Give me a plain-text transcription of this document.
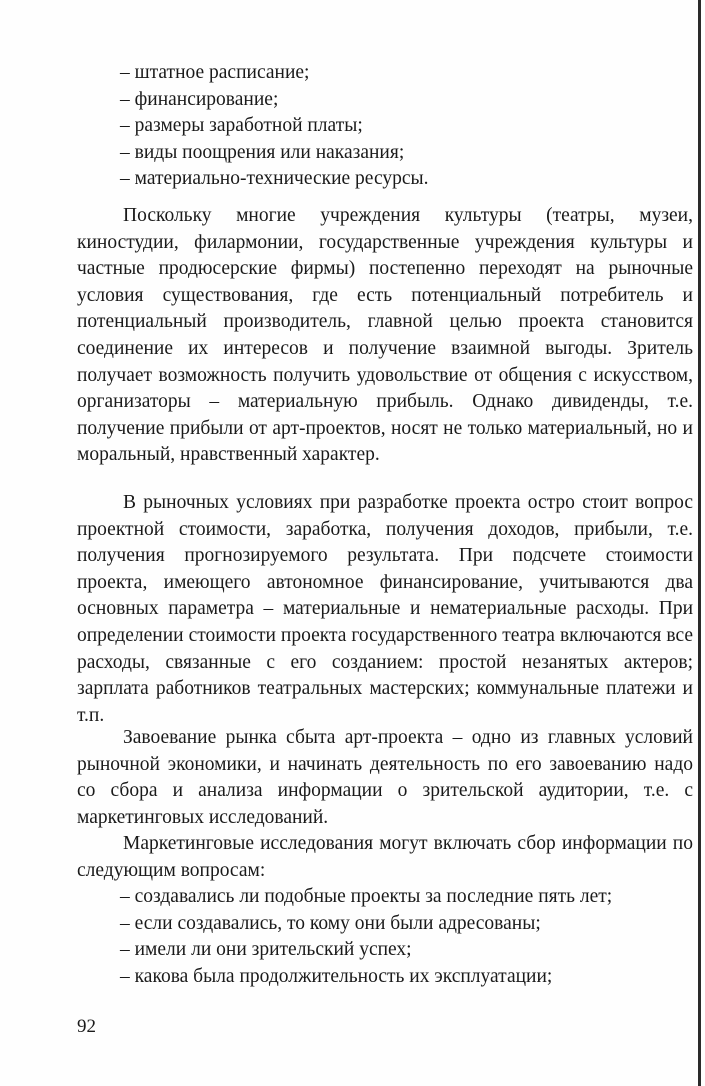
– штатное расписание;
– финансирование;
– размеры заработной платы;
– виды поощрения или наказания;
– материально-технические ресурсы.

Поскольку многие учреждения культуры (театры, музеи, киностудии, филармонии, государственные учреждения культуры и частные продюсерские фирмы) постепенно переходят на рыночные условия существования, где есть потенциальный потребитель и потенциальный производитель, главной целью проекта становится соединение их интересов и получение взаимной выгоды. Зритель получает возможность получить удовольствие от общения с искусством, организаторы – материальную прибыль. Однако дивиденды, т.е. получение прибыли от арт-проектов, носят не только материальный, но и моральный, нравственный характер.

В рыночных условиях при разработке проекта остро стоит вопрос проектной стоимости, заработка, получения доходов, прибыли, т.е. получения прогнозируемого результата. При подсчете стоимости проекта, имеющего автономное финансирование, учитываются два основных параметра – материальные и нематериальные расходы. При определении стоимости проекта государственного театра включаются все расходы, связанные с его созданием: простой незанятых актеров; зарплата работников театральных мастерских; коммунальные платежи и т.п.

Завоевание рынка сбыта арт-проекта – одно из главных условий рыночной экономики, и начинать деятельность по его завоеванию надо со сбора и анализа информации о зрительской аудитории, т.е. с маркетинговых исследований.

Маркетинговые исследования могут включать сбор информации по следующим вопросам:

– создавались ли подобные проекты за последние пять лет;
– если создавались, то кому они были адресованы;
– имели ли они зрительский успех;
– какова была продолжительность их эксплуатации;
92
